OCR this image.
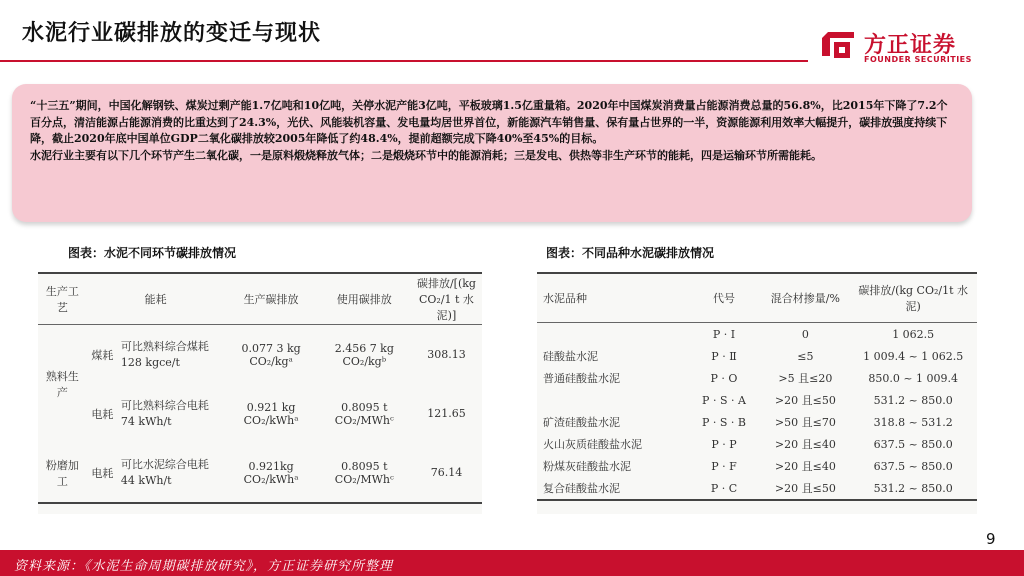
水泥行业碳排放的变迁与现状	方正证券
FOUNDER SECURITIES

“十三五”期间，中国化解钢铁、煤炭过剩产能1.7亿吨和10亿吨，关停水泥产能3亿吨，平板玻璃1.5亿重量箱。2020年中国煤炭消费量占能源消费总量的56.8%，比2015年下降了7.2个百分点，清洁能源占能源消费的比重达到了24.3%，光伏、风能装机容量、发电量均居世界首位，新能源汽车销售量、保有量占世界的一半，资源能源利用效率大幅提升，碳排放强度持续下降，截止2020年底中国单位GDP二氧化碳排放较2005年降低了约48.4%，提前超额完成下降40%至45%的目标。

水泥行业主要有以下几个环节产生二氧化碳，一是原料煅烧释放气体；二是煅烧环节中的能源消耗；三是发电、供热等非生产环节的能耗，四是运输环节所需能耗。

图表：水泥不同环节碳排放情况	图表：不同品种水泥碳排放情况
生产工艺	能耗		生产碳排放	使用碳排放	碳排放/[(kg CO₂/1 t 水泥)]
熟料生产	煤耗	可比熟料综合煤耗 128 kgce/t	0.077 3 kg CO₂/kgᵃ	2.456 7 kg CO₂/kgᵇ	308.13
	电耗	可比熟料综合电耗 74 kWh/t	0.921 kg CO₂/kWhᵃ	0.8095 t CO₂/MWhᶜ	121.65
粉磨加工	电耗	可比水泥综合电耗 44 kWh/t	0.921kg CO₂/kWhᵃ	0.8095 t CO₂/MWhᶜ	76.14
水泥品种	代号	混合材掺量/%	碳排放/(kg CO₂/1t 水泥)
	P · I	0	1 062.5
硅酸盐水泥	P · Ⅱ	≤5	1 009.4 ~ 1 062.5
普通硅酸盐水泥	P · O	>5 且≤20	850.0 ~ 1 009.4
	P · S · A	>20 且≤50	531.2 ~ 850.0
矿渣硅酸盐水泥	P · S · B	>50 且≤70	318.8 ~ 531.2
火山灰质硅酸盐水泥	P · P	>20 且≤40	637.5 ~ 850.0
粉煤灰硅酸盐水泥	P · F	>20 且≤40	637.5 ~ 850.0
复合硅酸盐水泥	P · C	>20 且≤50	531.2 ~ 850.0
9
资料来源：《水泥生命周期碳排放研究》，方正证券研究所整理
